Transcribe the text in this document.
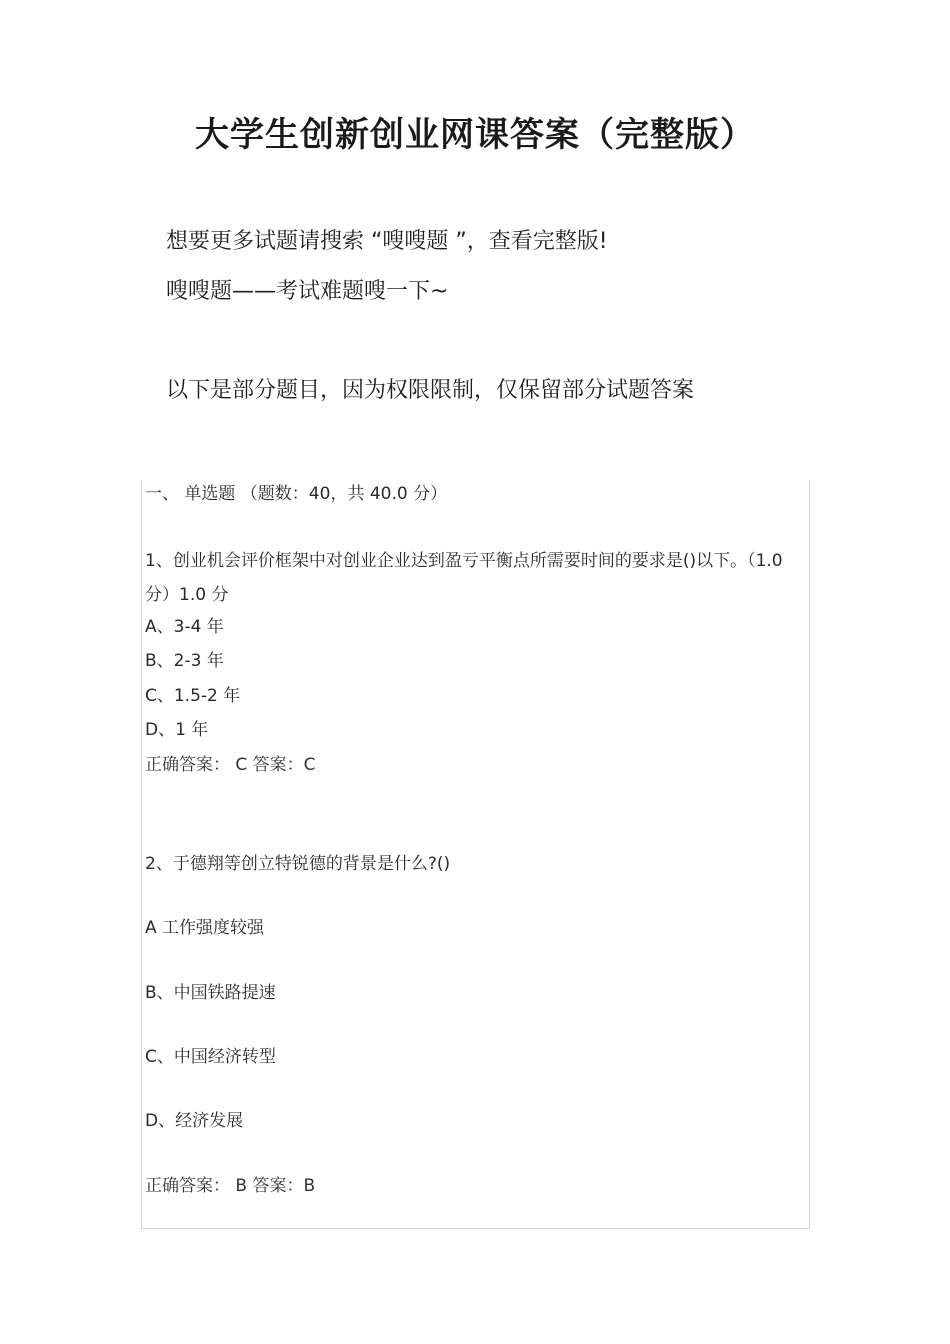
大学生创新创业网课答案（完整版）
想要更多试题请搜索 “嗖嗖题 ”，查看完整版!
嗖嗖题——考试难题嗖一下~
以下是部分题目，因为权限限制，仅保留部分试题答案
一、 单选题 （题数：40，共 40.0 分）
1、创业机会评价框架中对创业企业达到盈亏平衡点所需要时间的要求是()以下。（1.0 分）1.0 分
A、3-4 年
B、2-3 年
C、1.5-2 年
D、1 年
正确答案： C 答案：C
2、于德翔等创立特锐德的背景是什么?()
A 工作强度较强
B、中国铁路提速
C、中国经济转型
D、经济发展
正确答案： B 答案：B
